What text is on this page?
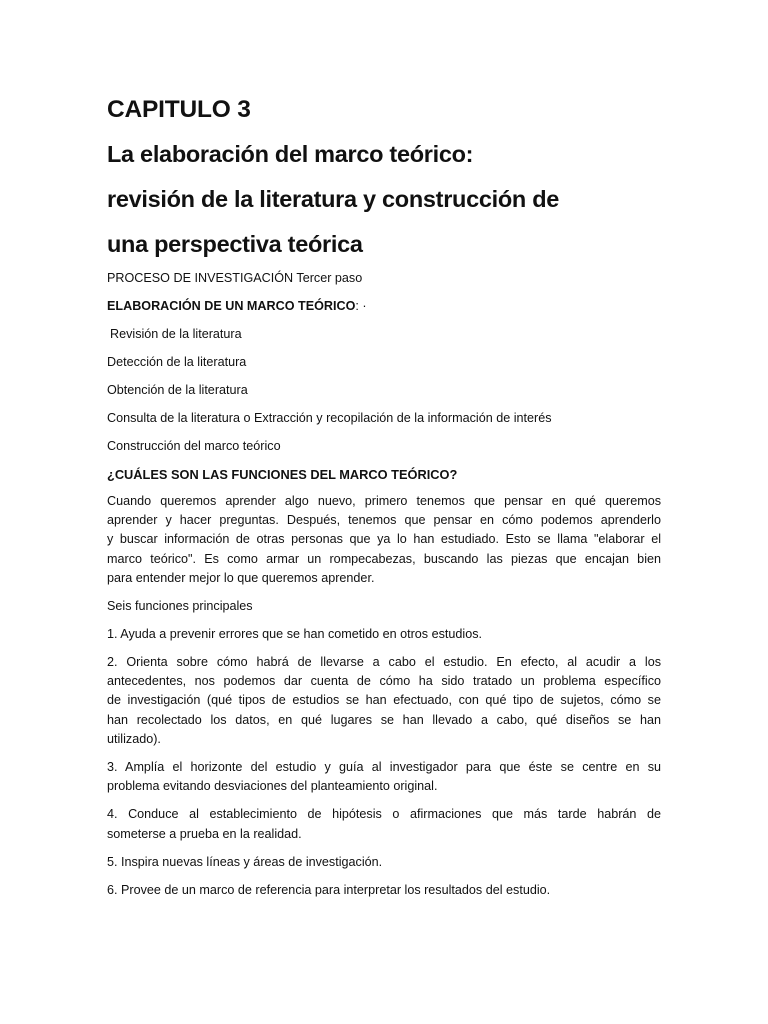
CAPITULO 3
La elaboración del marco teórico:
revisión de la literatura y construcción de
una perspectiva teórica
PROCESO DE INVESTIGACIÓN Tercer paso
ELABORACIÓN DE UN MARCO TEÓRICO: ·
Revisión de la literatura
Detección de la literatura
Obtención de la literatura
Consulta de la literatura o Extracción y recopilación de la información de interés
Construcción del marco teórico
¿CUÁLES SON LAS FUNCIONES DEL MARCO TEÓRICO?
Cuando queremos aprender algo nuevo, primero tenemos que pensar en qué queremos
aprender y hacer preguntas. Después, tenemos que pensar en cómo podemos aprenderlo
y buscar información de otras personas que ya lo han estudiado. Esto se llama "elaborar el
marco teórico". Es como armar un rompecabezas, buscando las piezas que encajan bien
para entender mejor lo que queremos aprender.
Seis funciones principales
1. Ayuda a prevenir errores que se han cometido en otros estudios.
2. Orienta sobre cómo habrá de llevarse a cabo el estudio. En efecto, al acudir a los
antecedentes, nos podemos dar cuenta de cómo ha sido tratado un problema específico
de investigación (qué tipos de estudios se han efectuado, con qué tipo de sujetos, cómo se
han recolectado los datos, en qué lugares se han llevado a cabo, qué diseños se han
utilizado).
3. Amplía el horizonte del estudio y guía al investigador para que éste se centre en su
problema evitando desviaciones del planteamiento original.
4. Conduce al establecimiento de hipótesis o afirmaciones que más tarde habrán de
someterse a prueba en la realidad.
5. Inspira nuevas líneas y áreas de investigación.
6. Provee de un marco de referencia para interpretar los resultados del estudio.
